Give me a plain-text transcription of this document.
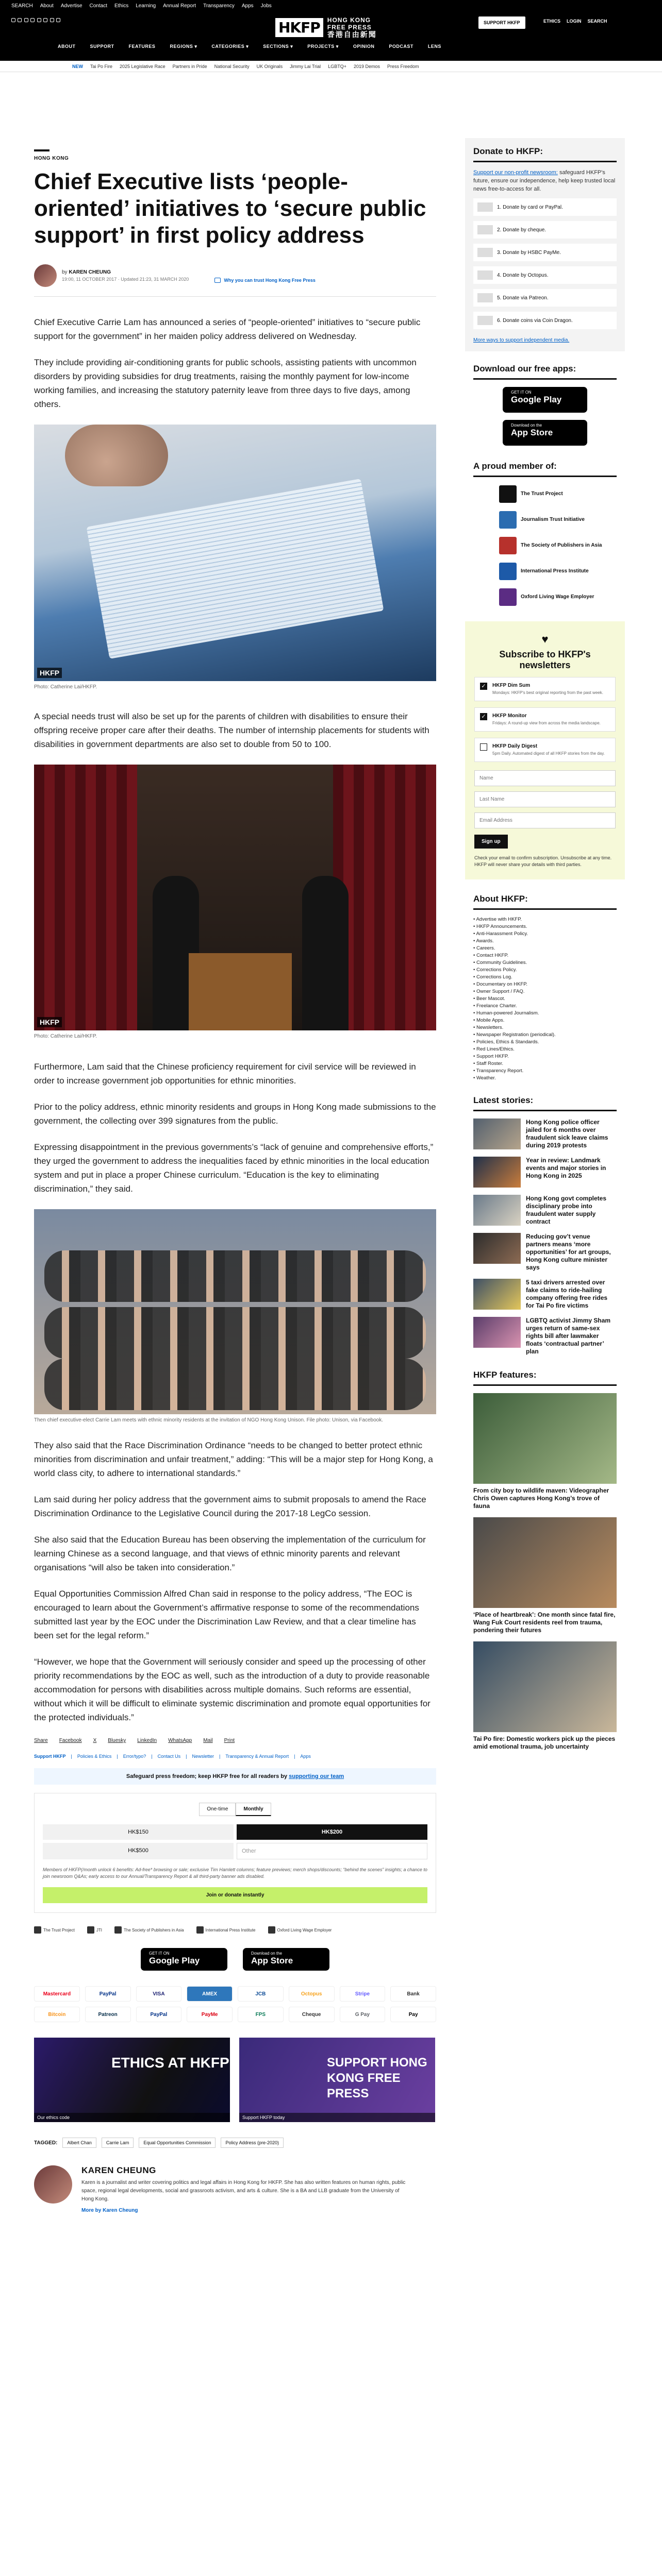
SEARCH About Advertise Contact Ethics Learning Annual Report Transparency Apps Jobs

HKFP	HONG KONG
FREE PRESS
香港自由新聞
SUPPORT HKFP	ETHICS LOGIN SEARCH
ABOUT	SUPPORT	FEATURES	REGIONS ▾	CATEGORIES ▾	SECTIONS ▾	PROJECTS ▾	OPINION	PODCAST	LENS
NEW Tai Po Fire 2025 Legislative Race Partners in Pride National Security UK Originals Jimmy Lai Trial LGBTQ+ 2019 Demos Press Freedom
HONG KONG
Chief Executive lists ‘people-oriented’ initiatives to ‘secure public support’ in first policy address
by KAREN CHEUNG
19:00, 11 OCTOBER 2017 · Updated 21:23, 31 MARCH 2020	Why you can trust Hong Kong Free Press

Chief Executive Carrie Lam has announced a series of “people-oriented” initiatives to “secure public support for the government” in her maiden policy address delivered on Wednesday.

They include providing air-conditioning grants for public schools, assisting patients with uncommon disorders by providing subsidies for drug treatments, raising the monthly payment for low-income working families, and increasing the statutory paternity leave from three days to five days, among others.

HKFP
Photo: Catherine Lai/HKFP.

A special needs trust will also be set up for the parents of children with disabilities to ensure their offspring receive proper care after their deaths. The number of internship placements for students with disabilities in government departments are also set to double from 50 to 100.

HKFP
Photo: Catherine Lai/HKFP.

Furthermore, Lam said that the Chinese proficiency requirement for civil service will be reviewed in order to increase government job opportunities for ethnic minorities.

Prior to the policy address, ethnic minority residents and groups in Hong Kong made submissions to the government, the collecting over 399 signatures from the public.

Expressing disappointment in the previous governments’s “lack of genuine and comprehensive efforts,” they urged the government to address the inequalities faced by ethnic minorities in the local education system and put in place a proper Chinese curriculum. “Education is the key to eliminating discrimination,” they said.

Then chief executive-elect Carrie Lam meets with ethnic minority residents at the invitation of NGO Hong Kong Unison. File photo: Unison, via Facebook.

They also said that the Race Discrimination Ordinance “needs to be changed to better protect ethnic minorities from discrimination and unfair treatment,” adding: “This will be a major step for Hong Kong, a world class city, to adhere to international standards.”

Lam said during her policy address that the government aims to submit proposals to amend the Race Discrimination Ordinance to the Legislative Council during the 2017-18 LegCo session.

She also said that the Education Bureau has been observing the implementation of the curriculum for learning Chinese as a second language, and that views of ethnic minority parents and relevant organisations “will also be taken into consideration.”

Equal Opportunities Commission Alfred Chan said in response to the policy address, “The EOC is encouraged to learn about the Government’s affirmative response to some of the recommendations submitted last year by the EOC under the Discrimination Law Review, and that a clear timeline has been set for the legal reform.”

“However, we hope that the Government will seriously consider and speed up the processing of other priority recommendations by the EOC as well, such as the introduction of a duty to provide reasonable accommodation for persons with disabilities across multiple domains. Such reforms are essential, without which it will be difficult to eliminate systemic discrimination and promote equal opportunities for the protected individuals.”

Share Facebook X Bluesky LinkedIn WhatsApp Mail Print
Support HKFP | Policies & Ethics | Error/typo? | Contact Us | Newsletter | Transparency & Annual Report | Apps
Safeguard press freedom; keep HKFP free for all readers by supporting our team
One-time	Monthly
HK$150	HK$200
HK$500	Other
Members of HKFP(/month unlock 6 benefits: Ad-free* browsing or sale; exclusive Tim Hamlett columns; feature previews; merch shops/discounts; “behind the scenes” insights; a chance to join newsroom Q&As; early access to our Annual/Transparency Report & all third-party banner ads disabled.
Join or donate instantly
The Trust Project	JTI	The Society of Publishers in Asia	International Press Institute	Oxford Living Wage Employer
GET IT ON
Google Play
Download on the
App Store
Mastercard	PayPal	VISA	AMEX	JCB	Octopus	Stripe	Bank
Bitcoin	Patreon	PayPal	PayMe	FPS	Cheque	G Pay	Pay
ETHICS AT HKFP
Our ethics code
SUPPORT HONG KONG FREE PRESS
Support HKFP today
TAGGED:	Albert Chan	Carrie Lam	Equal Opportunities Commission	Policy Address (pre-2020)
KAREN CHEUNG

Karen is a journalist and writer covering politics and legal affairs in Hong Kong for HKFP. She has also written features on human rights, public space, regional legal developments, social and grassroots activism, and arts & culture. She is a BA and LLB graduate from the University of Hong Kong.

More by Karen Cheung
Donate to HKFP:

Support our non-profit newsroom: safeguard HKFP's future, ensure our independence, help keep trusted local news free-to-access for all.

1. Donate by card or PayPal.
2. Donate by cheque.
3. Donate by HSBC PayMe.
4. Donate by Octopus.
5. Donate via Patreon.
6. Donate coins via Coin Dragon.
More ways to support independent media.
Download our free apps:
GET IT ON
Google Play
Download on the
App Store
A proud member of:
The Trust Project
Journalism Trust Initiative
The Society of Publishers in Asia
International Press Institute
Oxford Living Wage Employer
♥
Subscribe to HKFP's newsletters
✓ HKFP Dim Sum
Mondays: HKFP's best original reporting from the past week.
✓ HKFP Monitor
Fridays: A round-up view from across the media landscape.
HKFP Daily Digest
5pm Daily. Automated digest of all HKFP stories from the day.
Name Last Name Email Address Sign up
Check your email to confirm subscription. Unsubscribe at any time. HKFP will never share your details with third parties.
About HKFP:
• Advertise with HKFP.
• HKFP Announcements.
• Anti-Harassment Policy.
• Awards.
• Careers.
• Contact HKFP.
• Community Guidelines.
• Corrections Policy.
• Corrections Log.
• Documentary on HKFP.
• Owner Support / FAQ.
• Beer Mascot.
• Freelance Charter.
• Human-powered Journalism.
• Mobile Apps.
• Newsletters.
• Newspaper Registration (periodical).
• Policies, Ethics & Standards.
• Red Lines/Ethics.
• Support HKFP.
• Staff Roster.
• Transparency Report.
• Weather.
Latest stories:
Hong Kong police officer jailed for 6 months over fraudulent sick leave claims during 2019 protests
Year in review: Landmark events and major stories in Hong Kong in 2025
Hong Kong govt completes disciplinary probe into fraudulent water supply contract
Reducing gov’t venue partners means ‘more opportunities’ for art groups, Hong Kong culture minister says
5 taxi drivers arrested over fake claims to ride-hailing company offering free rides for Tai Po fire victims
LGBTQ activist Jimmy Sham urges return of same-sex rights bill after lawmaker floats ‘contractual partner’ plan
HKFP features:
From city boy to wildlife maven: Videographer Chris Owen captures Hong Kong’s trove of fauna
‘Place of heartbreak’: One month since fatal fire, Wang Fuk Court residents reel from trauma, pondering their futures
Tai Po fire: Domestic workers pick up the pieces amid emotional trauma, job uncertainty
